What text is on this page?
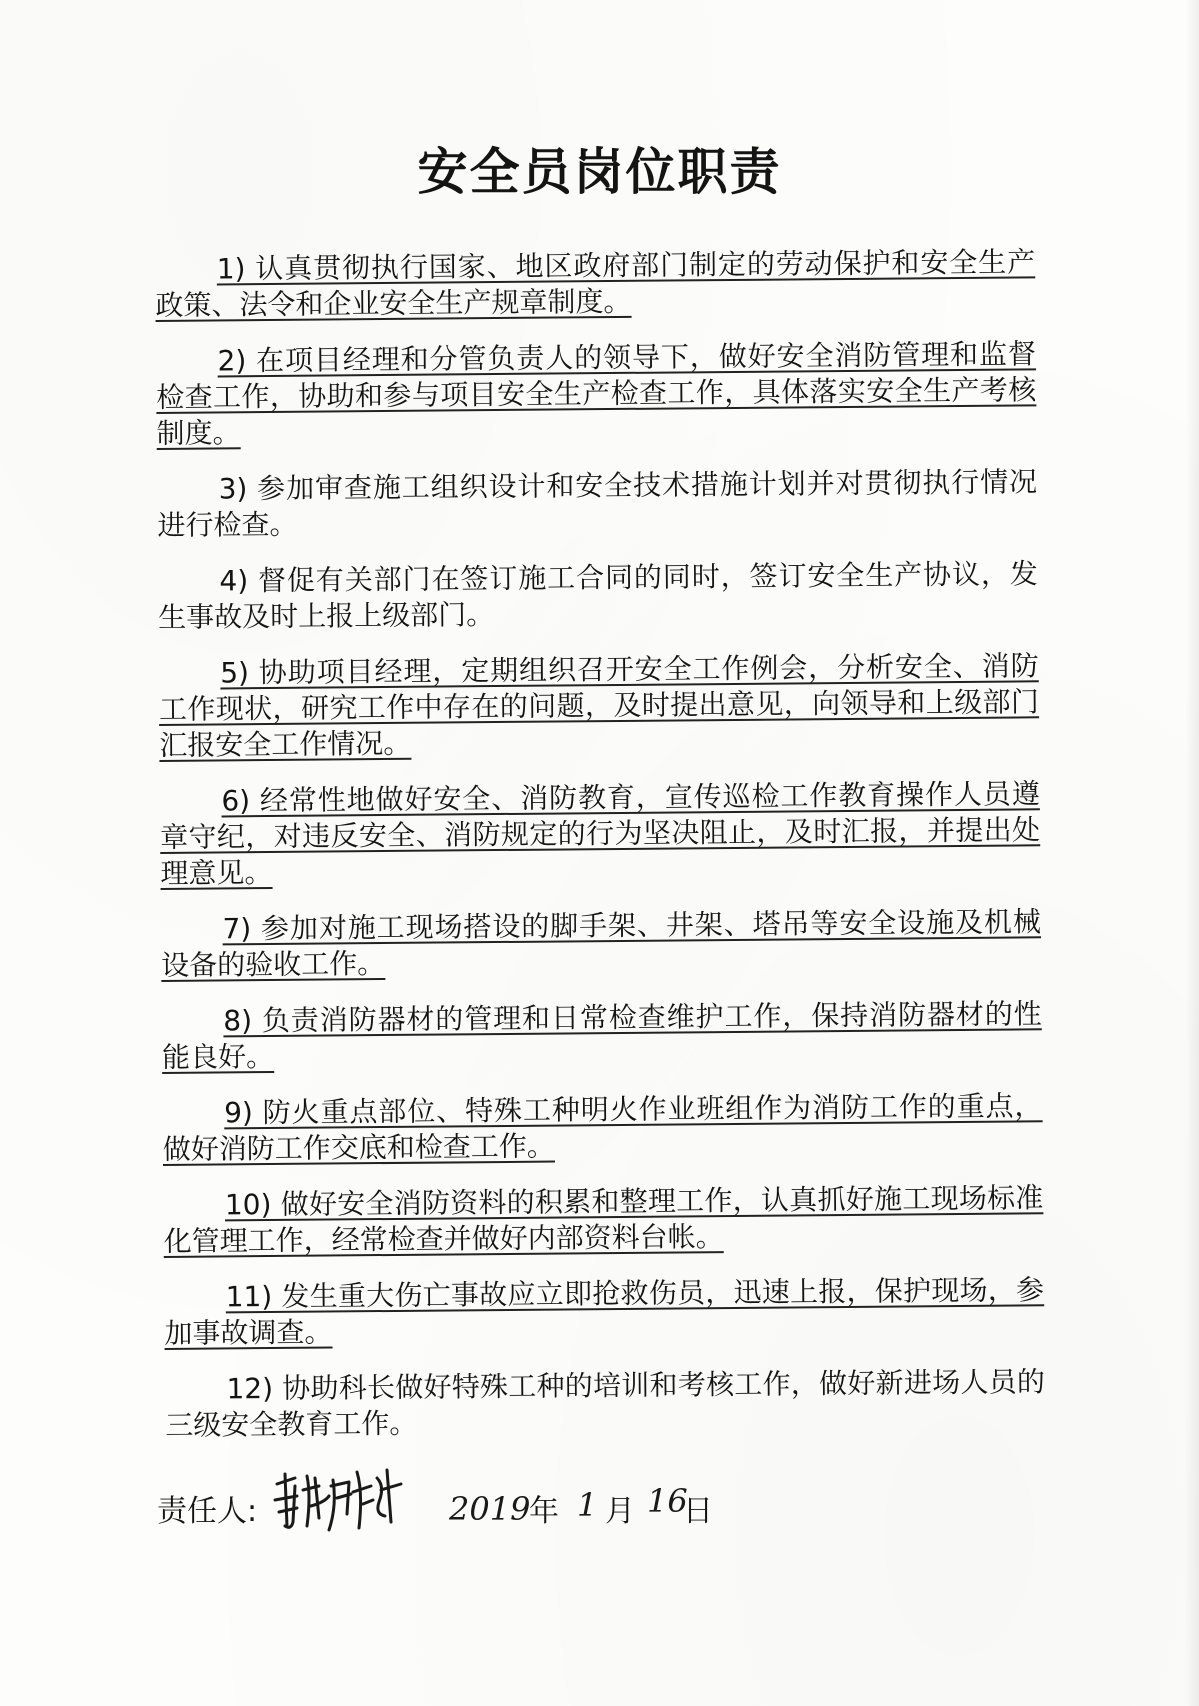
安全员岗位职责

1) 认真贯彻执行国家、地区政府部门制定的劳动保护和安全生产政策、法令和企业安全生产规章制度。

2) 在项目经理和分管负责人的领导下，做好安全消防管理和监督检查工作，协助和参与项目安全生产检查工作，具体落实安全生产考核制度。

3) 参加审查施工组织设计和安全技术措施计划并对贯彻执行情况进行检查。

4) 督促有关部门在签订施工合同的同时，签订安全生产协议，发生事故及时上报上级部门。

5) 协助项目经理，定期组织召开安全工作例会，分析安全、消防工作现状，研究工作中存在的问题，及时提出意见，向领导和上级部门汇报安全工作情况。

6) 经常性地做好安全、消防教育，宣传巡检工作教育操作人员遵章守纪，对违反安全、消防规定的行为坚决阻止，及时汇报，并提出处理意见。

7) 参加对施工现场搭设的脚手架、井架、塔吊等安全设施及机械设备的验收工作。

8) 负责消防器材的管理和日常检查维护工作，保持消防器材的性能良好。

9) 防火重点部位、特殊工种明火作业班组作为消防工作的重点，做好消防工作交底和检查工作。

10) 做好安全消防资料的积累和整理工作，认真抓好施工现场标准化管理工作，经常检查并做好内部资料台帐。

11) 发生重大伤亡事故应立即抢救伤员，迅速上报，保护现场，参加事故调查。

12) 协助科长做好特殊工种的培训和考核工作，做好新进场人员的三级安全教育工作。

责任人:	2019
年 1 月 16
日
